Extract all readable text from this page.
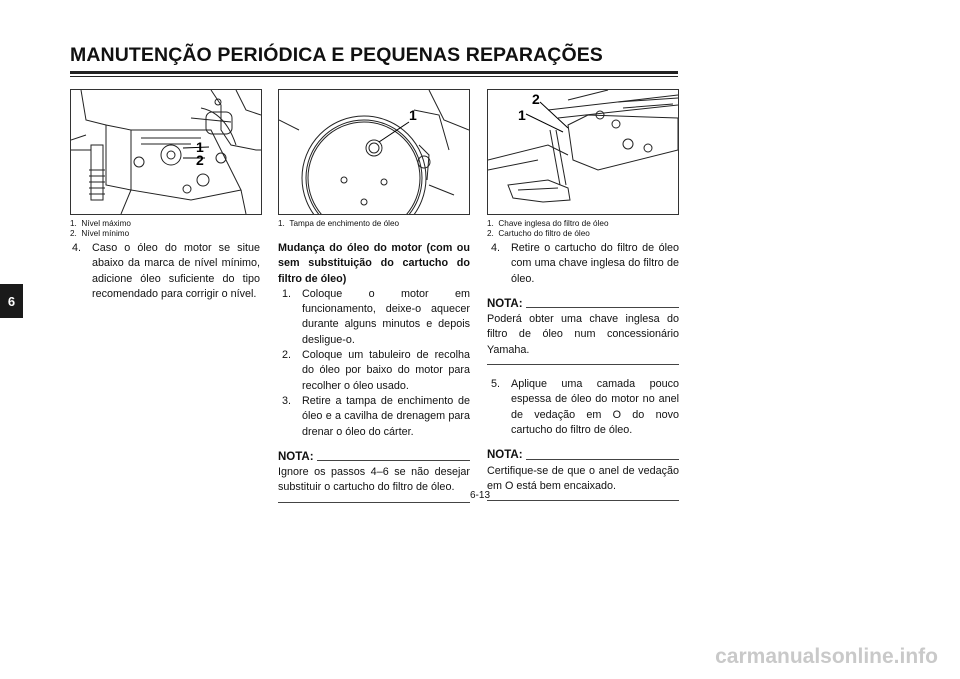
MANUTENÇÃO PERIÓDICA E PEQUENAS REPARAÇÕES
6
1
2
1	1
2
1.  Nível máximo
2.  Nível mínimo
1.  Tampa de enchimento de óleo	1.  Chave inglesa do filtro de óleo
2.  Cartucho do filtro de óleo
4.	Caso o óleo do motor se situe abaixo da marca de nível mínimo, adicione óleo suficiente do tipo recomendado para corrigir o nível.
Mudança do óleo do motor (com ou sem substituição do cartucho do filtro de óleo)
1.	Coloque o motor em funcionamento, deixe-o aquecer durante alguns minutos e depois desligue-o.
2.	Coloque um tabuleiro de recolha do óleo por baixo do motor para recolher o óleo usado.
3.	Retire a tampa de enchimento de óleo e a cavilha de drenagem para drenar o óleo do cárter.
NOTA:
Ignore os passos 4–6 se não desejar substituir o cartucho do filtro de óleo.
4.	Retire o cartucho do filtro de óleo com uma chave inglesa do filtro de óleo.
NOTA:
Poderá obter uma chave inglesa do filtro de óleo num concessionário Yamaha.
5.	Aplique uma camada pouco espessa de óleo do motor no anel de vedação em O do novo cartucho do filtro de óleo.
NOTA:
Certifique-se de que o anel de vedação em O está bem encaixado.
6-13
carmanualsonline.info
